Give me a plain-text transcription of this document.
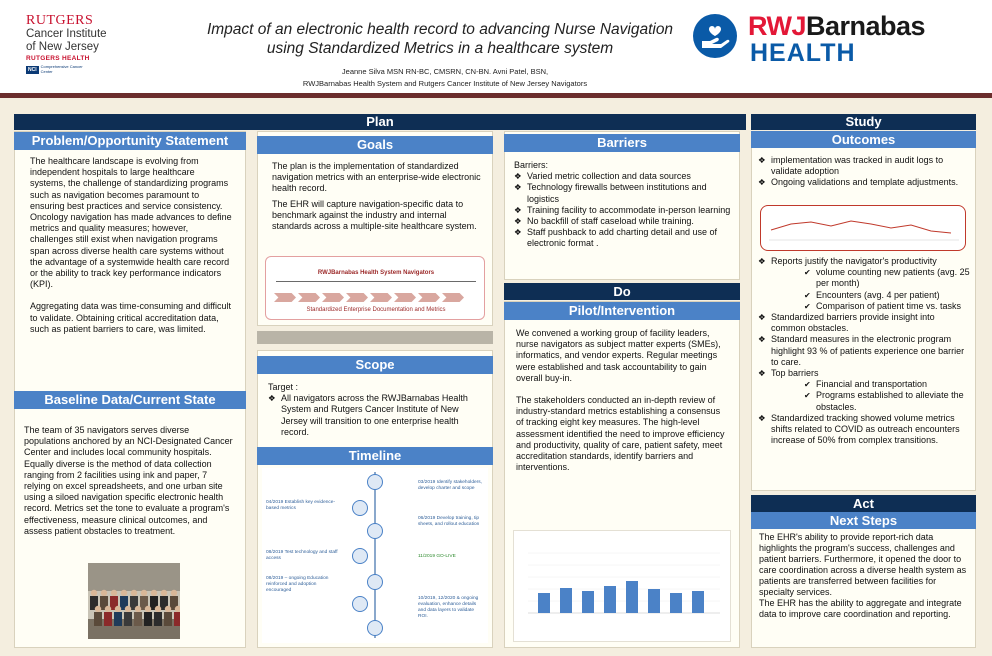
RUTGERS
Cancer Institute
of New Jersey
RUTGERS HEALTH
NCI	Comprehensive Cancer Center
Impact of an electronic health record to advancing Nurse Navigation
using Standardized Metrics in a healthcare system
Jeanne Silva MSN RN-BC, CMSRN, CN-BN. Avni Patel, BSN,
RWJBarnabas Health System and Rutgers Cancer Institute of New Jersey Navigators
RWJBarnabas
HEALTH
Plan
Problem/Opportunity Statement

The healthcare landscape is evolving from independent hospitals to large healthcare systems, the challenge of standardizing programs such as navigation becomes paramount to ensuring best practices and service consistency. Oncology navigation has made advances to define metrics and quality measures; however, challenges still exist when navigation programs span across diverse health care systems without the advantage of a systemwide health care record or the ability to track key performance indicators (KPI).

Aggregating data was time-consuming and difficult to validate. Obtaining critical accreditation data, such as patient barriers to care, was limited.

Baseline Data/Current State

The team of 35 navigators serves diverse populations anchored by an NCI-Designated Cancer Center and includes local community hospitals. Equally diverse is the method of data collection ranging from 2 facilities using ink and paper, 7 relying on excel spreadsheets, and one urban site using a siloed navigation specific electronic health record. Metrics set the tone to evaluate a program's effectiveness, measure clinical outcomes, and assess patient obstacles to treatment.

Goals

The plan is the implementation of standardized navigation metrics with an enterprise-wide electronic health record.

The EHR will capture navigation-specific data to benchmark against the industry and internal standards across a multiple-site healthcare system.

RWJBarnabas Health System Navigators
Standardized Enterprise Documentation and Metrics
Scope
Target :
❖ All navigators across the RWJBarnabas Health System and Rutgers Cancer Institute of New Jersey will transition to one enterprise health record.
Timeline
04/2019 Establish key evidence-based metrics
08/2019 Test technology and staff access
08/2019 – ongoing Education reinforced and adoption encouraged
03/2019 Identify stakeholders, develop charter and scope
06/2019 Develop training, tip sheets, and rollout education
11/2019 GO-LIVE
10/2019, 12/2020 & ongoing evaluation, enhance details and data layers to validate ROI.
Barriers
Barriers:
❖ Varied metric collection and data sources
❖ Technology firewalls between institutions and logistics
❖ Training facility to accommodate in-person learning
❖ No backfill of staff caseload while training.
❖ Staff pushback to add charting detail and use of electronic format .
Do
Pilot/Intervention

We convened a working group of facility leaders, nurse navigators as subject matter experts (SMEs), informatics, and vendor experts. Regular meetings were established and task accountability to gain overall buy-in.

The stakeholders conducted an in-depth review of industry-standard metrics establishing a consensus of tracking eight key measures. The high-level assessment identified the need to improve efficiency and productivity, quality of care, patient safety, meet accreditation standards, identify barriers and interventions.

Study
Outcomes
❖ implementation was tracked in audit logs to validate adoption
❖ Ongoing validations and template adjustments.
❖ Reports justify the navigator's productivity
✔ volume counting new patients (avg. 25 per month)
✔ Encounters (avg. 4 per patient)
✔ Comparison of patient time vs. tasks
❖ Standardized barriers provide insight into common obstacles.
❖ Standard measures in the electronic program highlight 93 % of patients experience one barrier to care.
❖ Top barriers
✔ Financial and transportation
✔ Programs established to alleviate the obstacles.
❖ Standardized tracking showed volume metrics shifts related to COVID as outreach encounters increase of 50% from complex transitions.
Act
Next Steps

The EHR's ability to provide report-rich data highlights the program's success, challenges and patient barriers. Furthermore, it opened the door to care coordination across a diverse health system as patients are transferred between facilities for specialty services.

The EHR has the ability to aggregate and integrate data to improve care coordination and reporting.
